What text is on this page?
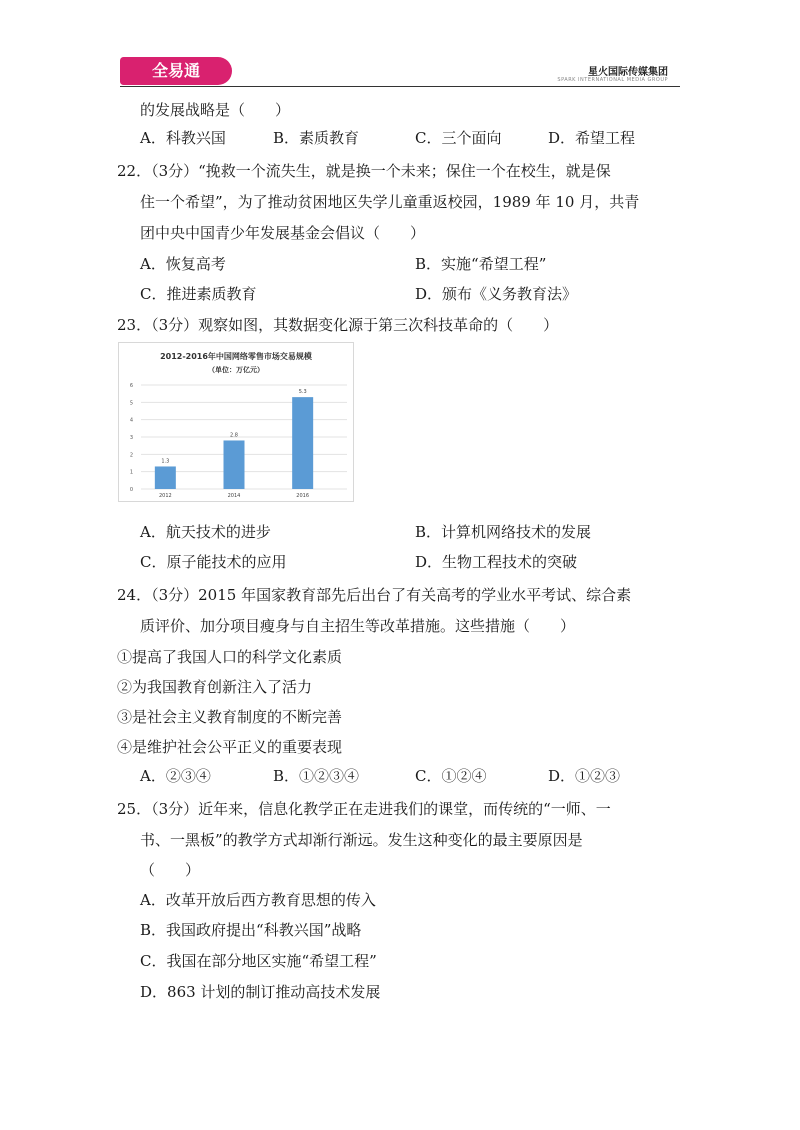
全易通	星火国际传媒集团
SPARK INTERNATIONAL MEDIA GROUP
的发展战略是（　　）
A．科教兴国	B．素质教育	C．三个面向	D．希望工程
22．（3分）“挽救一个流失生，就是换一个未来；保住一个在校生，就是保
住一个希望”，为了推动贫困地区失学儿童重返校园，1989 年 10 月，共青
团中央中国青少年发展基金会倡议（　　）
A．恢复高考	B．实施“希望工程”
C．推进素质教育	D．颁布《义务教育法》
23．（3分）观察如图，其数据变化源于第三次科技革命的（　　）
2012-2016年中国网络零售市场交易规模
（单位：万亿元）
0
1
2
3
4
5
6
1.3
2012
2.8
2014
5.3
2016
A．航天技术的进步	B．计算机网络技术的发展
C．原子能技术的应用	D．生物工程技术的突破
24．（3分）2015 年国家教育部先后出台了有关高考的学业水平考试、综合素
质评价、加分项目瘦身与自主招生等改革措施。这些措施（　　）
①提高了我国人口的科学文化素质
②为我国教育创新注入了活力
③是社会主义教育制度的不断完善
④是维护社会公平正义的重要表现
A．②③④	B．①②③④	C．①②④	D．①②③
25．（3分）近年来，信息化教学正在走进我们的课堂，而传统的“一师、一
书、一黑板”的教学方式却渐行渐远。发生这种变化的最主要原因是
（　　）
A．改革开放后西方教育思想的传入
B．我国政府提出“科教兴国”战略
C．我国在部分地区实施“希望工程”
D．863 计划的制订推动高技术发展
